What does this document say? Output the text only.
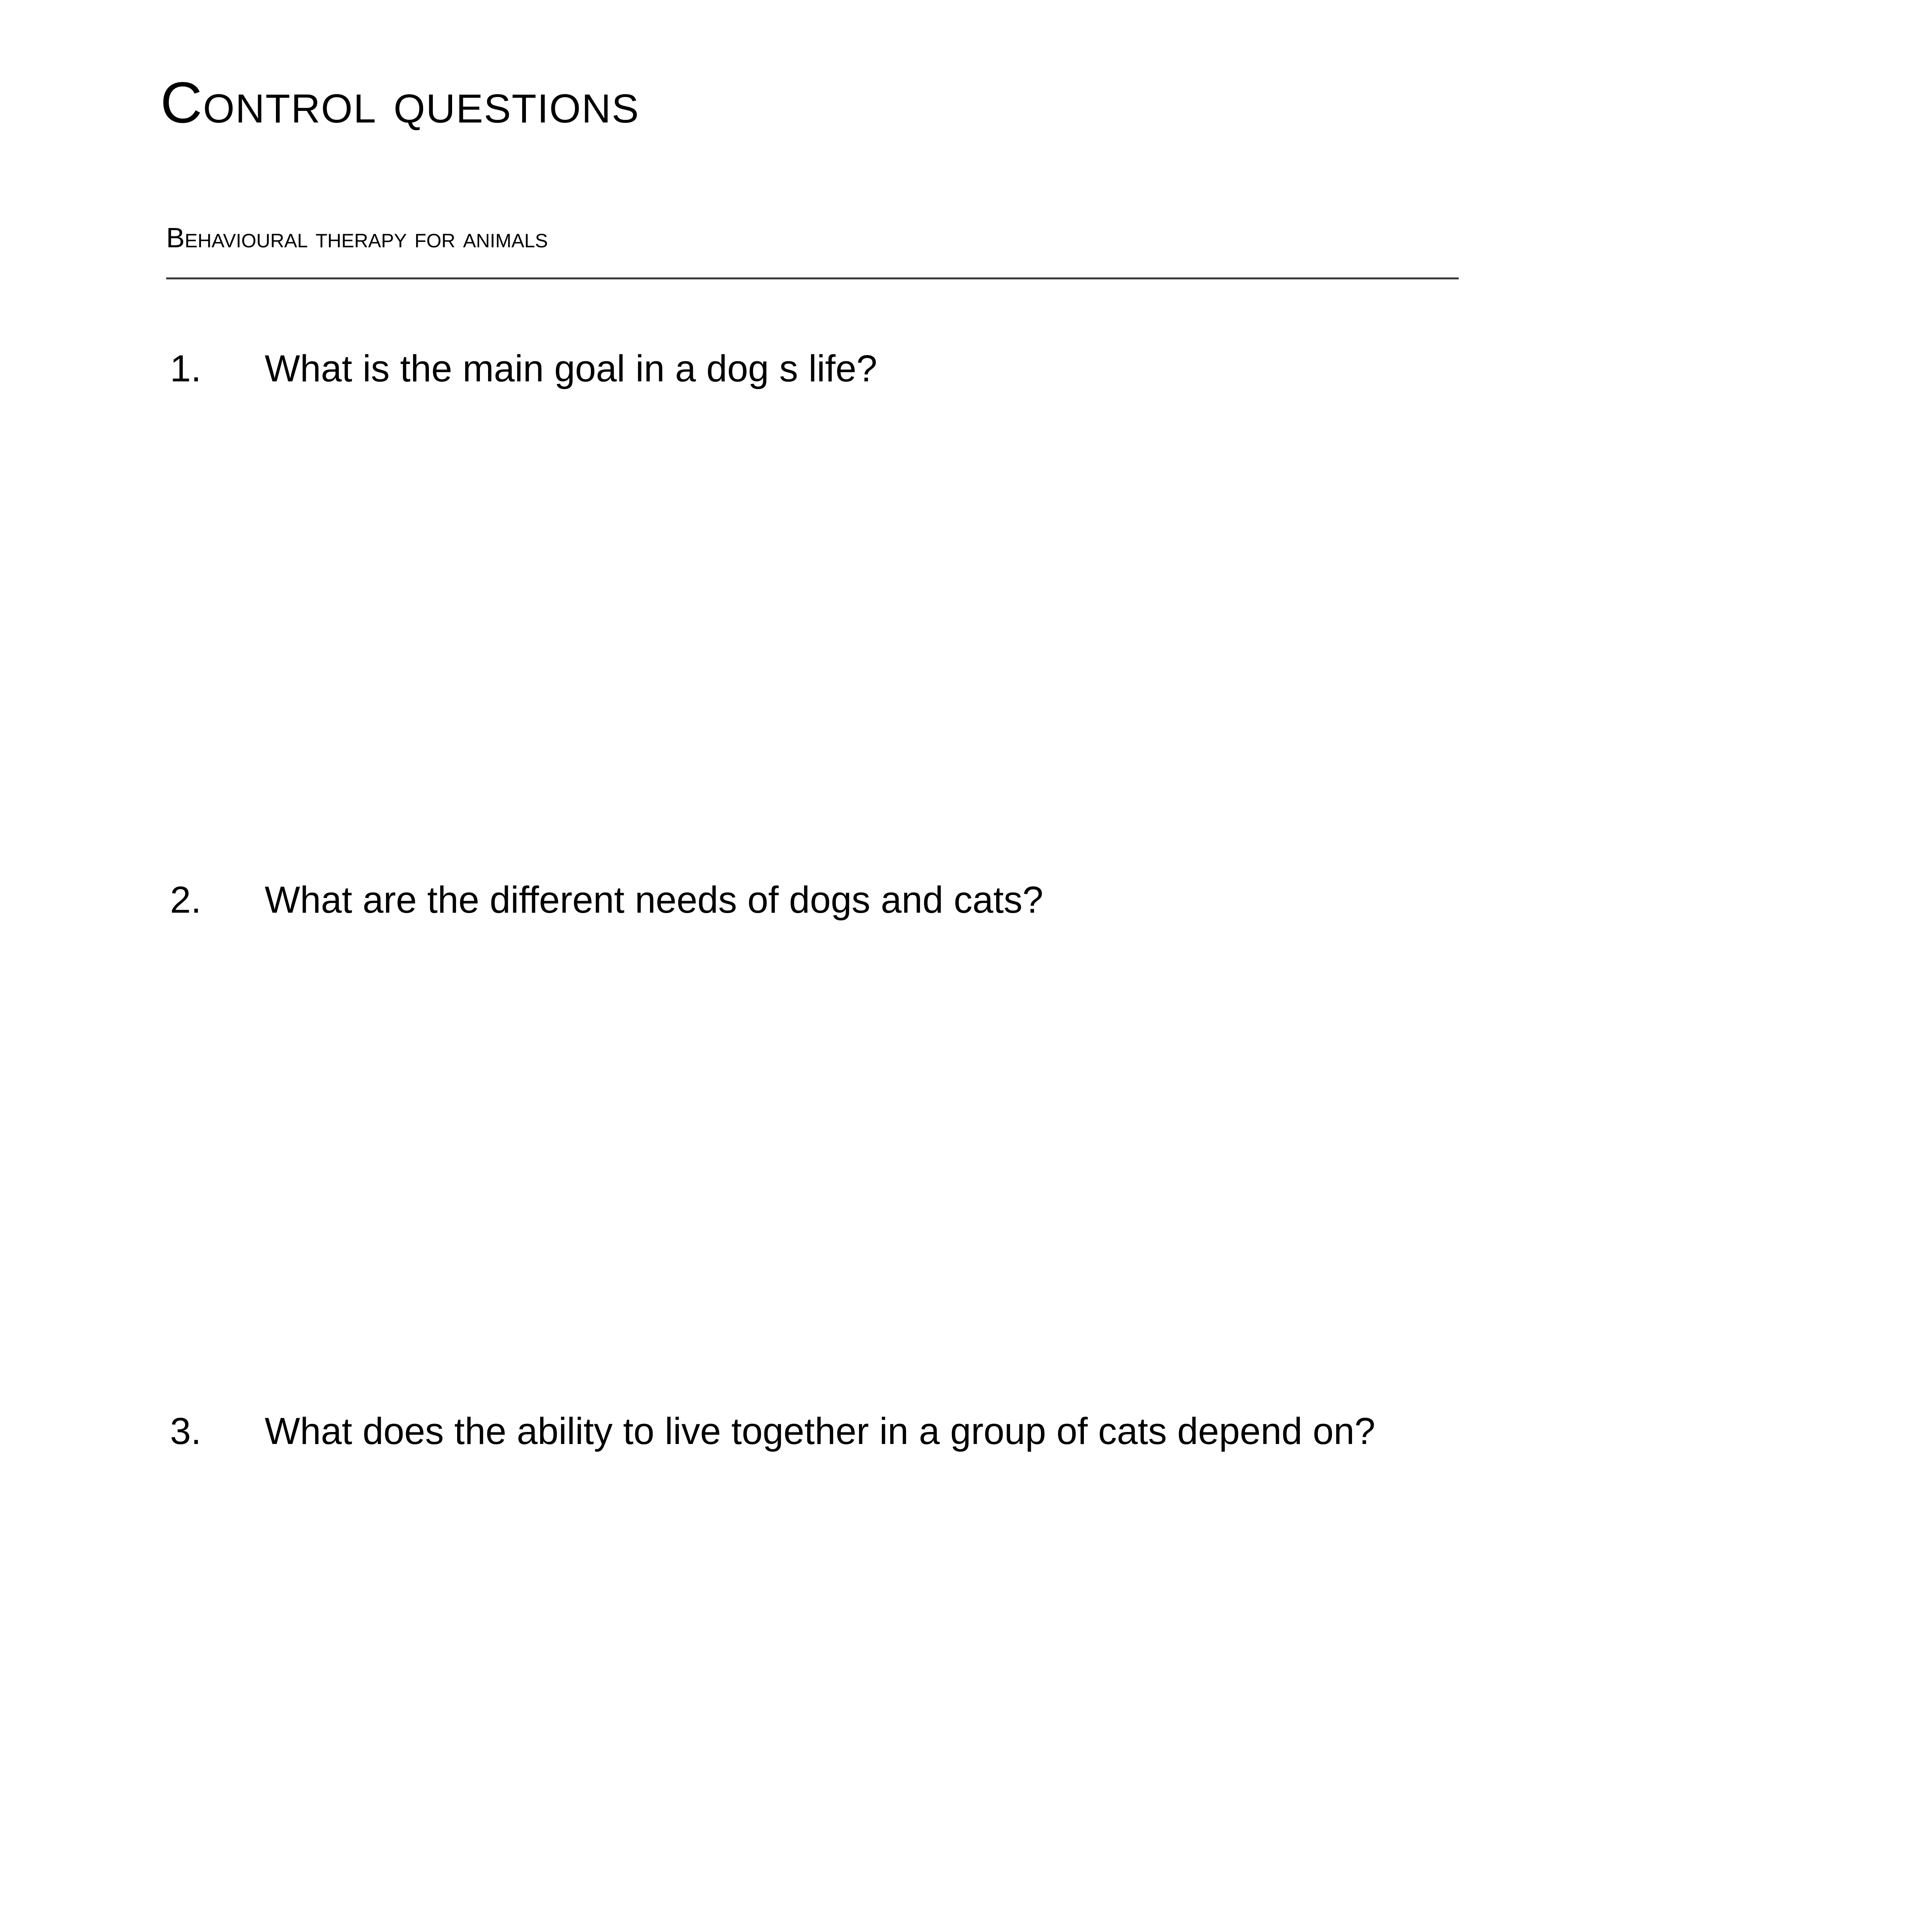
Control questions
Behavioural therapy for animals
1. What is the main goal in a dog s life?
2. What are the different needs of dogs and cats?
3. What does the ability to live together in a group of cats depend on?
